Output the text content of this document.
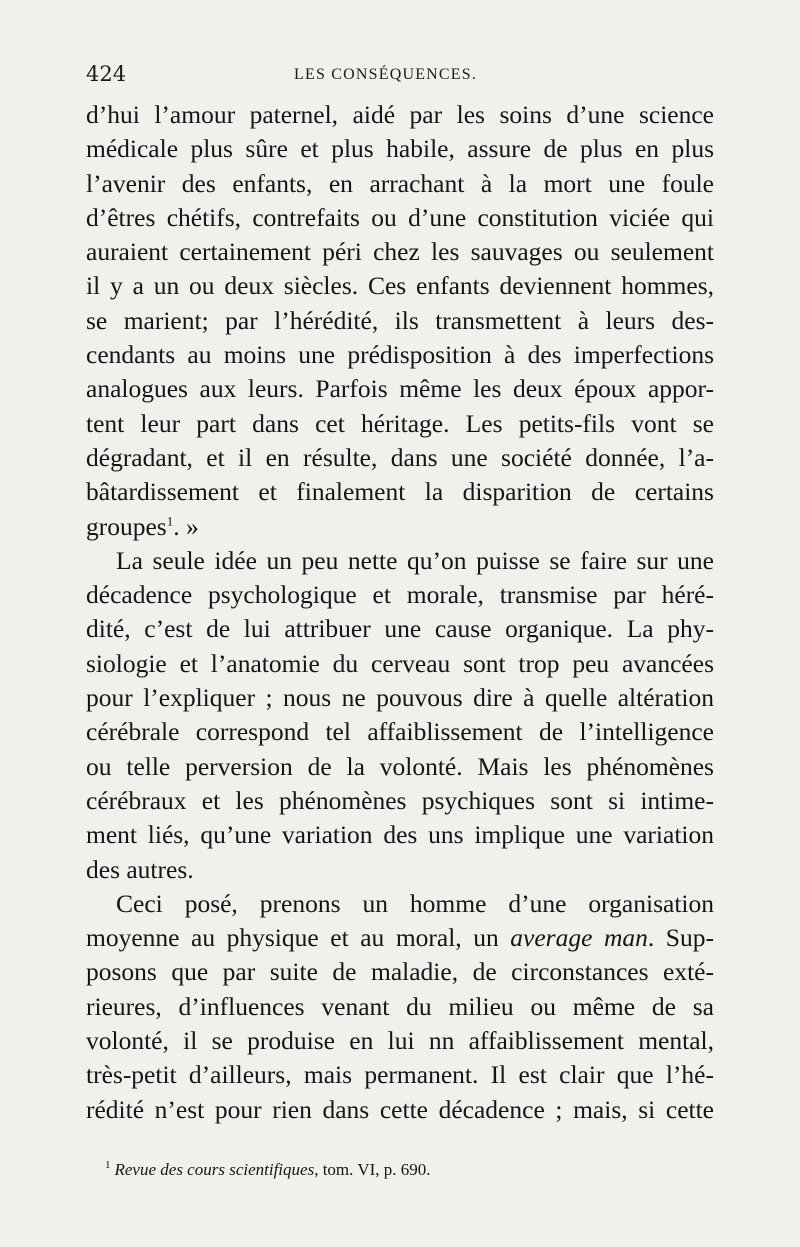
424	LES CONSÉQUENCES.
d’hui l’amour paternel, aidé par les soins d’une science
médicale plus sûre et plus habile, assure de plus en plus
l’avenir des enfants, en arrachant à la mort une foule
d’êtres chétifs, contrefaits ou d’une constitution viciée qui
auraient certainement péri chez les sauvages ou seulement
il y a un ou deux siècles. Ces enfants deviennent hommes,
se marient; par l’hérédité, ils transmettent à leurs des-
cendants au moins une prédisposition à des imperfections
analogues aux leurs. Parfois même les deux époux appor-
tent leur part dans cet héritage. Les petits-fils vont se
dégradant, et il en résulte, dans une société donnée, l’a-
bâtardissement et finalement la disparition de certains
groupes$^1$. »
La seule idée un peu nette qu’on puisse se faire sur une
décadence psychologique et morale, transmise par héré-
dité, c’est de lui attribuer une cause organique. La phy-
siologie et l’anatomie du cerveau sont trop peu avancées
pour l’expliquer ; nous ne pouvous dire à quelle altération
cérébrale correspond tel affaiblissement de l’intelligence
ou telle perversion de la volonté. Mais les phénomènes
cérébraux et les phénomènes psychiques sont si intime-
ment liés, qu’une variation des uns implique une variation
des autres.
Ceci posé, prenons un homme d’une organisation
moyenne au physique et au moral, un average man. Sup-
posons que par suite de maladie, de circonstances exté-
rieures, d’influences venant du milieu ou même de sa
volonté, il se produise en lui nn affaiblissement mental,
très-petit d’ailleurs, mais permanent. Il est clair que l’hé-
rédité n’est pour rien dans cette décadence ; mais, si cette
$^1$ Revue des cours scientifiques, tom. VI, p. 690.
